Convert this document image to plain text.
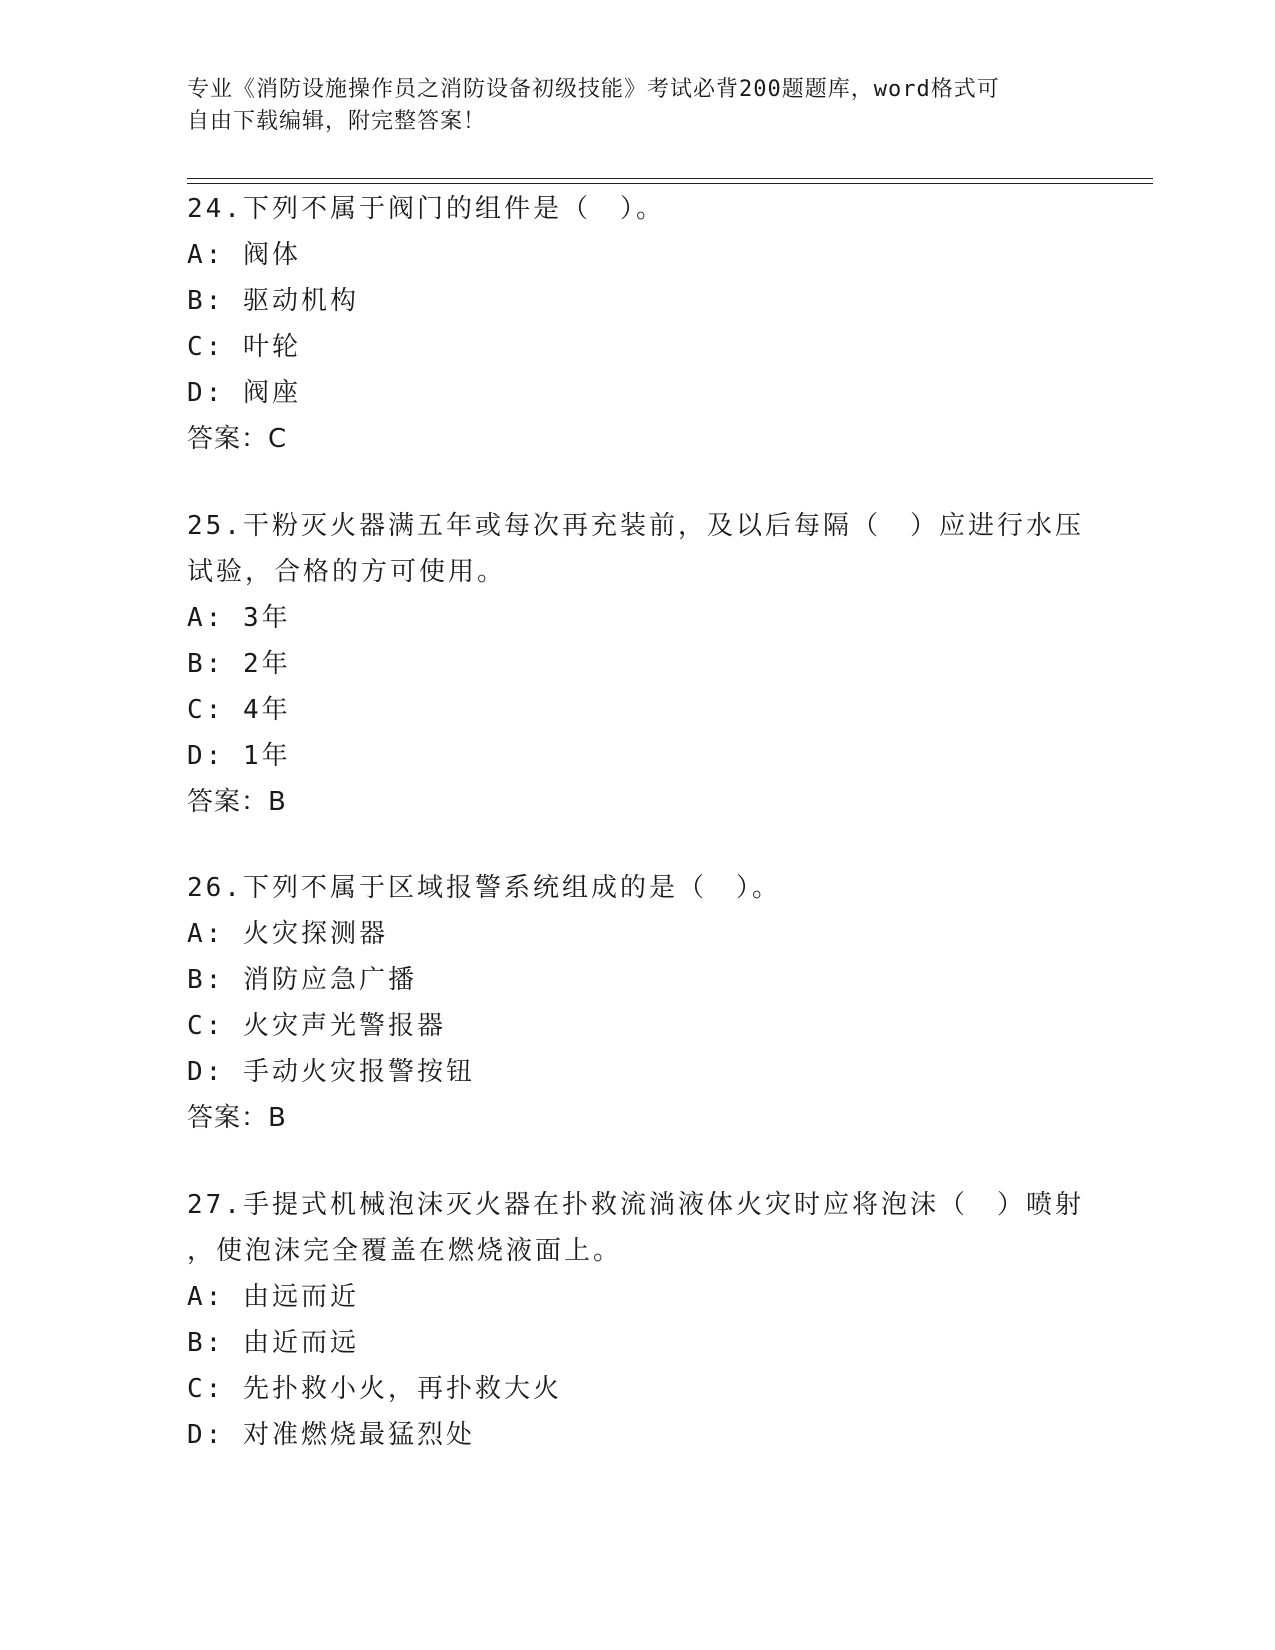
专业《消防设施操作员之消防设备初级技能》考试必背200题题库，word格式可
自由下载编辑，附完整答案！

24.下列不属于阀门的组件是（　）。

A: 阀体

B: 驱动机构

C: 叶轮

D: 阀座

答案：C

25.干粉灭火器满五年或每次再充装前，及以后每隔（　）应进行水压

试验，合格的方可使用。

A: 3年

B: 2年

C: 4年

D: 1年

答案：B

26.下列不属于区域报警系统组成的是（　）。

A: 火灾探测器

B: 消防应急广播

C: 火灾声光警报器

D: 手动火灾报警按钮

答案：B

27.手提式机械泡沫灭火器在扑救流淌液体火灾时应将泡沫（　）喷射

，使泡沫完全覆盖在燃烧液面上。

A: 由远而近

B: 由近而远

C: 先扑救小火，再扑救大火

D: 对准燃烧最猛烈处
